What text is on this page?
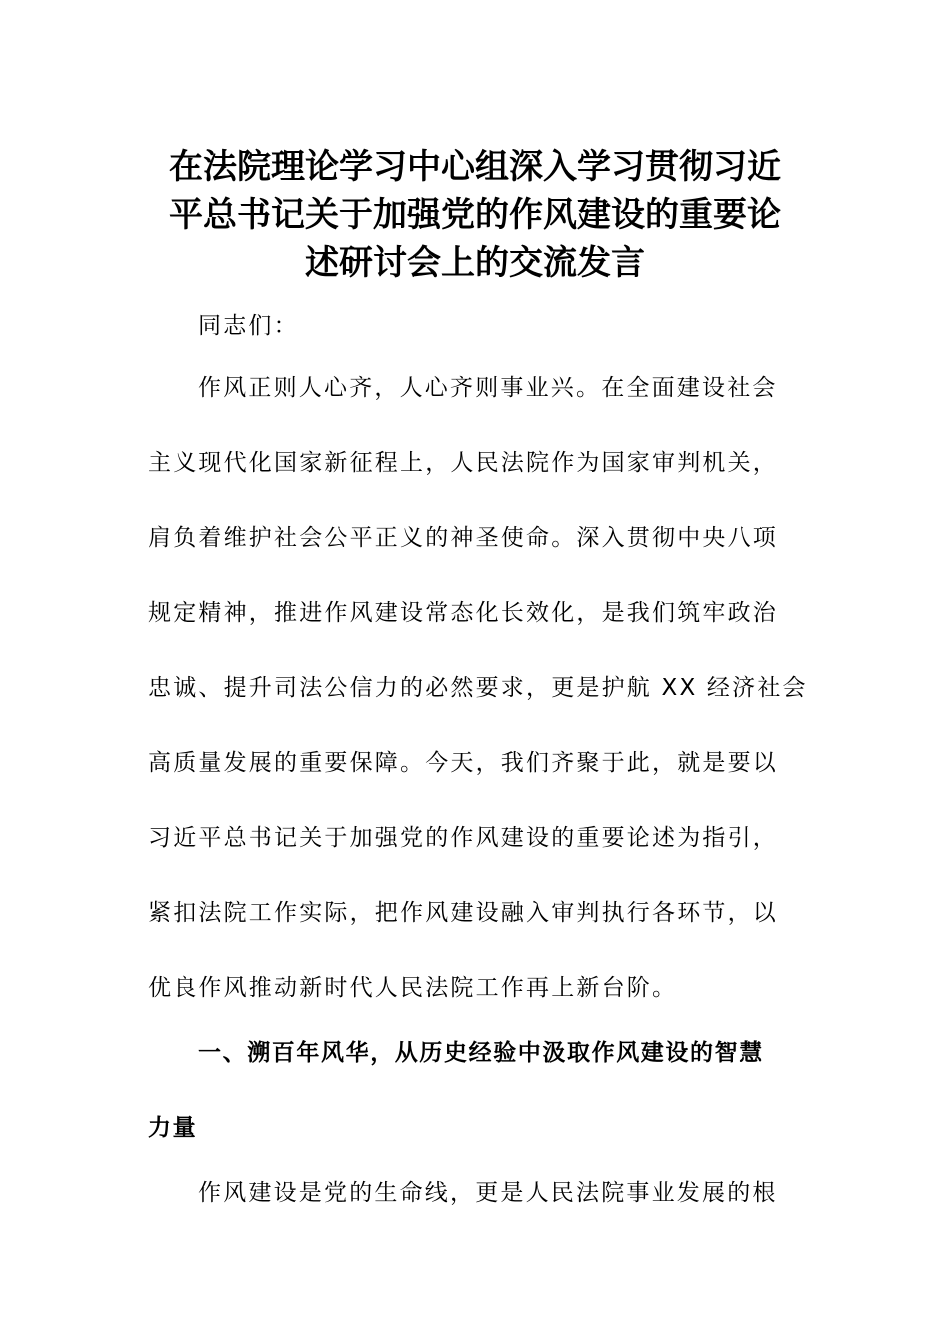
在法院理论学习中心组深入学习贯彻习近
平总书记关于加强党的作风建设的重要论
述研讨会上的交流发言

同志们：

作风正则人心齐，人心齐则事业兴。在全面建设社会
主义现代化国家新征程上，人民法院作为国家审判机关，
肩负着维护社会公平正义的神圣使命。深入贯彻中央八项
规定精神，推进作风建设常态化长效化，是我们筑牢政治
忠诚、提升司法公信力的必然要求，更是护航 XX 经济社会
高质量发展的重要保障。今天，我们齐聚于此，就是要以
习近平总书记关于加强党的作风建设的重要论述为指引，
紧扣法院工作实际，把作风建设融入审判执行各环节，以
优良作风推动新时代人民法院工作再上新台阶。

一、溯百年风华，从历史经验中汲取作风建设的智慧
力量

作风建设是党的生命线，更是人民法院事业发展的根
